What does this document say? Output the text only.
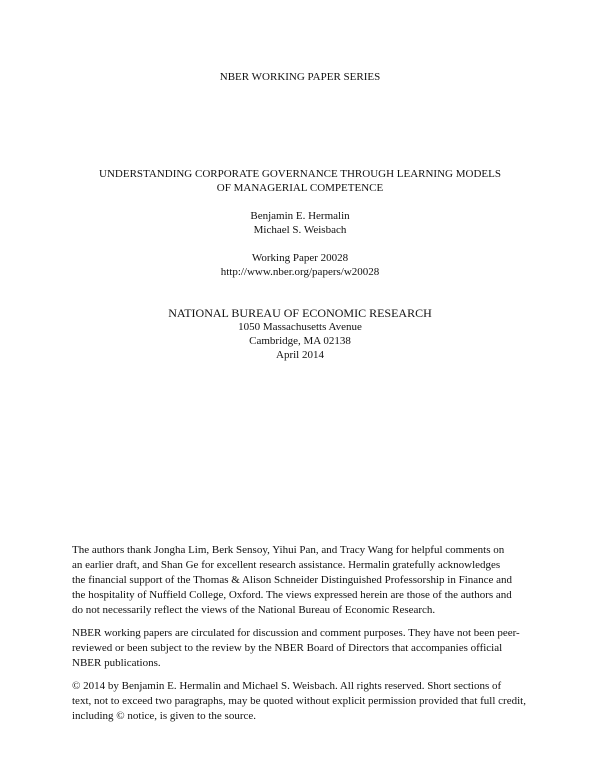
NBER WORKING PAPER SERIES
UNDERSTANDING CORPORATE GOVERNANCE THROUGH LEARNING MODELS
OF MANAGERIAL COMPETENCE
Benjamin E. Hermalin
Michael S. Weisbach
Working Paper 20028
http://www.nber.org/papers/w20028
NATIONAL BUREAU OF ECONOMIC RESEARCH
1050 Massachusetts Avenue
Cambridge, MA 02138
April 2014
The authors thank Jongha Lim, Berk Sensoy, Yihui Pan, and Tracy Wang for helpful comments on
an earlier draft, and Shan Ge for excellent research assistance. Hermalin gratefully acknowledges
the financial support of the Thomas & Alison Schneider Distinguished Professorship in Finance and
the hospitality of Nuffield College, Oxford. The views expressed herein are those of the authors and
do not necessarily reflect the views of the National Bureau of Economic Research.
NBER working papers are circulated for discussion and comment purposes. They have not been peer-
reviewed or been subject to the review by the NBER Board of Directors that accompanies official
NBER publications.
© 2014 by Benjamin E. Hermalin and Michael S. Weisbach. All rights reserved. Short sections of
text, not to exceed two paragraphs, may be quoted without explicit permission provided that full credit,
including © notice, is given to the source.
